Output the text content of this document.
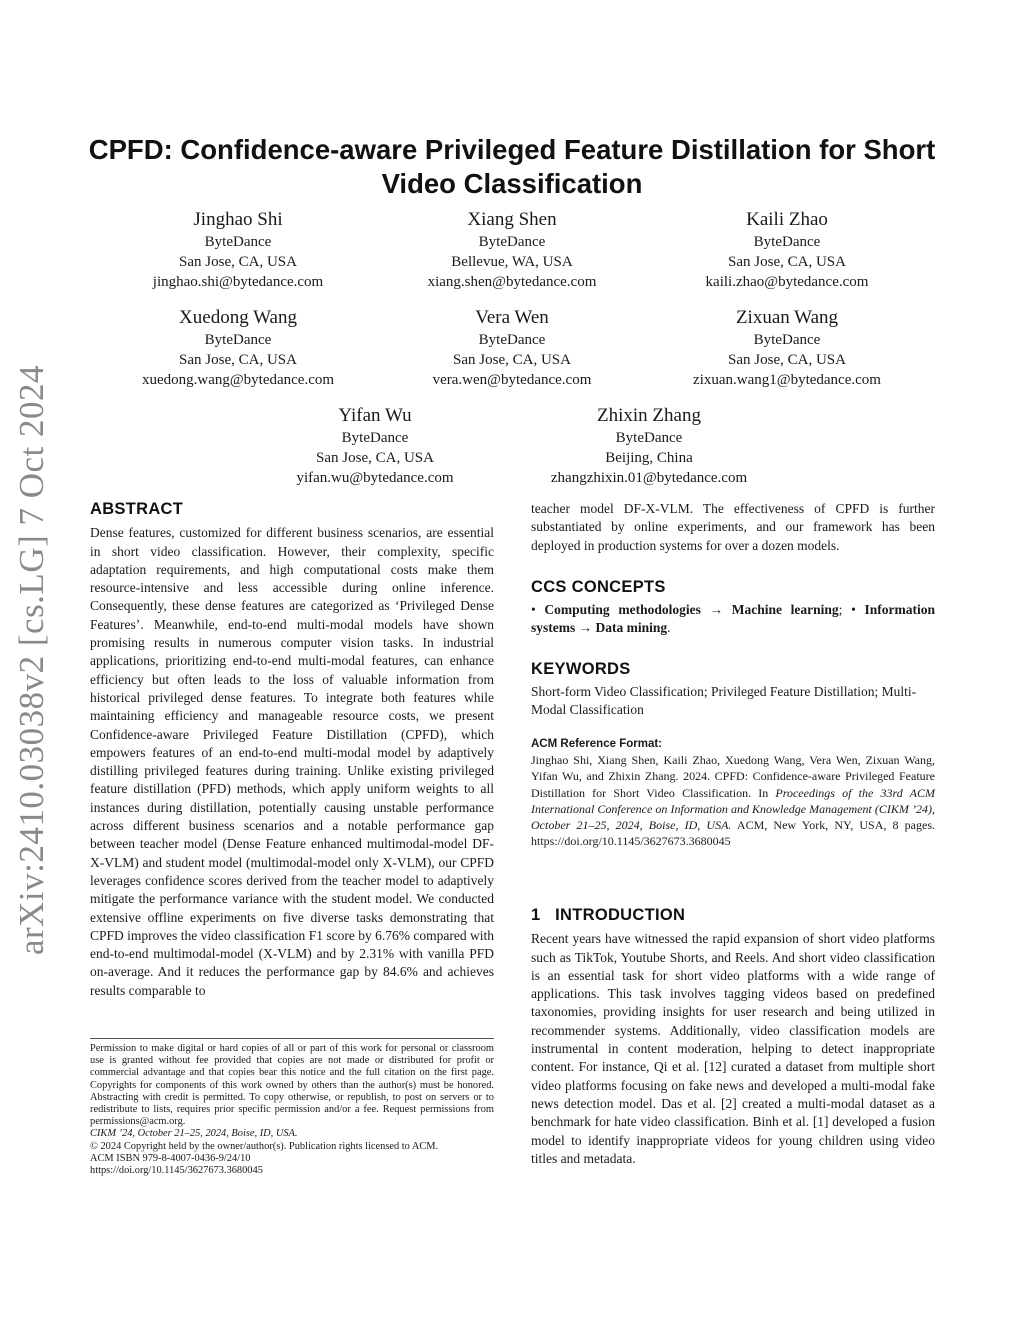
arXiv:2410.03038v2 [cs.LG] 7 Oct 2024
CPFD: Confidence-aware Privileged Feature Distillation for Short Video Classification
Jinghao Shi
ByteDance
San Jose, CA, USA
jinghao.shi@bytedance.com
Xiang Shen
ByteDance
Bellevue, WA, USA
xiang.shen@bytedance.com
Kaili Zhao
ByteDance
San Jose, CA, USA
kaili.zhao@bytedance.com
Xuedong Wang
ByteDance
San Jose, CA, USA
xuedong.wang@bytedance.com
Vera Wen
ByteDance
San Jose, CA, USA
vera.wen@bytedance.com
Zixuan Wang
ByteDance
San Jose, CA, USA
zixuan.wang1@bytedance.com
Yifan Wu
ByteDance
San Jose, CA, USA
yifan.wu@bytedance.com
Zhixin Zhang
ByteDance
Beijing, China
zhangzhixin.01@bytedance.com
ABSTRACT
Dense features, customized for different business scenarios, are essential in short video classification. However, their complexity, specific adaptation requirements, and high computational costs make them resource-intensive and less accessible during online inference. Consequently, these dense features are categorized as ‘Privileged Dense Features’. Meanwhile, end-to-end multi-modal models have shown promising results in numerous computer vision tasks. In industrial applications, prioritizing end-to-end multi-modal features, can enhance efficiency but often leads to the loss of valuable information from historical privileged dense features. To integrate both features while maintaining efficiency and manageable resource costs, we present Confidence-aware Privileged Feature Distillation (CPFD), which empowers features of an end-to-end multi-modal model by adaptively distilling privileged features during training. Unlike existing privileged feature distillation (PFD) methods, which apply uniform weights to all instances during distillation, potentially causing unstable performance across different business scenarios and a notable performance gap between teacher model (Dense Feature enhanced multimodal-model DF-X-VLM) and student model (multimodal-model only X-VLM), our CPFD leverages confidence scores derived from the teacher model to adaptively mitigate the performance variance with the student model. We conducted extensive offline experiments on five diverse tasks demonstrating that CPFD improves the video classification F1 score by 6.76% compared with end-to-end multimodal-model (X-VLM) and by 2.31% with vanilla PFD on-average. And it reduces the performance gap by 84.6% and achieves results comparable to

Permission to make digital or hard copies of all or part of this work for personal or classroom use is granted without fee provided that copies are not made or distributed for profit or commercial advantage and that copies bear this notice and the full citation on the first page. Copyrights for components of this work owned by others than the author(s) must be honored. Abstracting with credit is permitted. To copy otherwise, or republish, to post on servers or to redistribute to lists, requires prior specific permission and/or a fee. Request permissions from permissions@acm.org.

CIKM ’24, October 21–25, 2024, Boise, ID, USA.

© 2024 Copyright held by the owner/author(s). Publication rights licensed to ACM.

ACM ISBN 979-8-4007-0436-9/24/10

https://doi.org/10.1145/3627673.3680045

teacher model DF-X-VLM. The effectiveness of CPFD is further substantiated by online experiments, and our framework has been deployed in production systems for over a dozen models.
CCS CONCEPTS
• Computing methodologies → Machine learning; • Information systems → Data mining.
KEYWORDS
Short-form Video Classification; Privileged Feature Distillation; Multi-Modal Classification
ACM Reference Format:
Jinghao Shi, Xiang Shen, Kaili Zhao, Xuedong Wang, Vera Wen, Zixuan Wang, Yifan Wu, and Zhixin Zhang. 2024. CPFD: Confidence-aware Privileged Feature Distillation for Short Video Classification. In Proceedings of the 33rd ACM International Conference on Information and Knowledge Management (CIKM ’24), October 21–25, 2024, Boise, ID, USA. ACM, New York, NY, USA, 8 pages. https://doi.org/10.1145/3627673.3680045
1   INTRODUCTION
Recent years have witnessed the rapid expansion of short video platforms such as TikTok, Youtube Shorts, and Reels. And short video classification is an essential task for short video platforms with a wide range of applications. This task involves tagging videos based on predefined taxonomies, providing insights for user research and being utilized in recommender systems. Additionally, video classification models are instrumental in content moderation, helping to detect inappropriate content. For instance, Qi et al. [12] curated a dataset from multiple short video platforms focusing on fake news and developed a multi-modal fake news detection model. Das et al. [2] created a multi-modal dataset as a benchmark for hate video classification. Binh et al. [1] developed a fusion model to identify inappropriate videos for young children using video titles and metadata.
